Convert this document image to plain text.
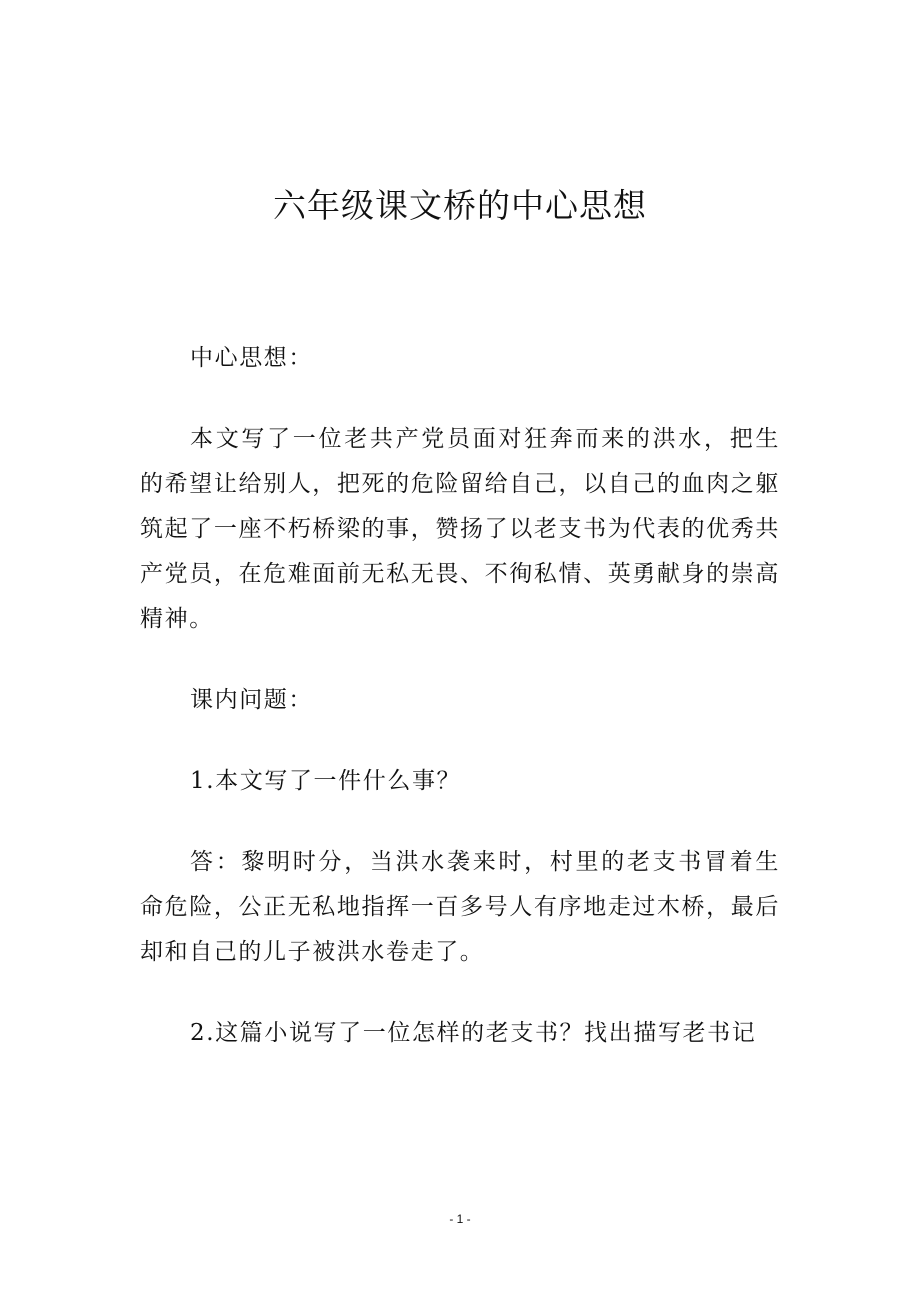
六年级课文桥的中心思想

中心思想：

本文写了一位老共产党员面对狂奔而来的洪水，把生的希望让给别人，把死的危险留给自己，以自己的血肉之躯筑起了一座不朽桥梁的事，赞扬了以老支书为代表的优秀共产党员，在危难面前无私无畏、不徇私情、英勇献身的崇高精神。

课内问题：

1.本文写了一件什么事？

答：黎明时分，当洪水袭来时，村里的老支书冒着生命危险，公正无私地指挥一百多号人有序地走过木桥，最后却和自己的儿子被洪水卷走了。

2.这篇小说写了一位怎样的老支书？找出描写老书记

- 1 -
